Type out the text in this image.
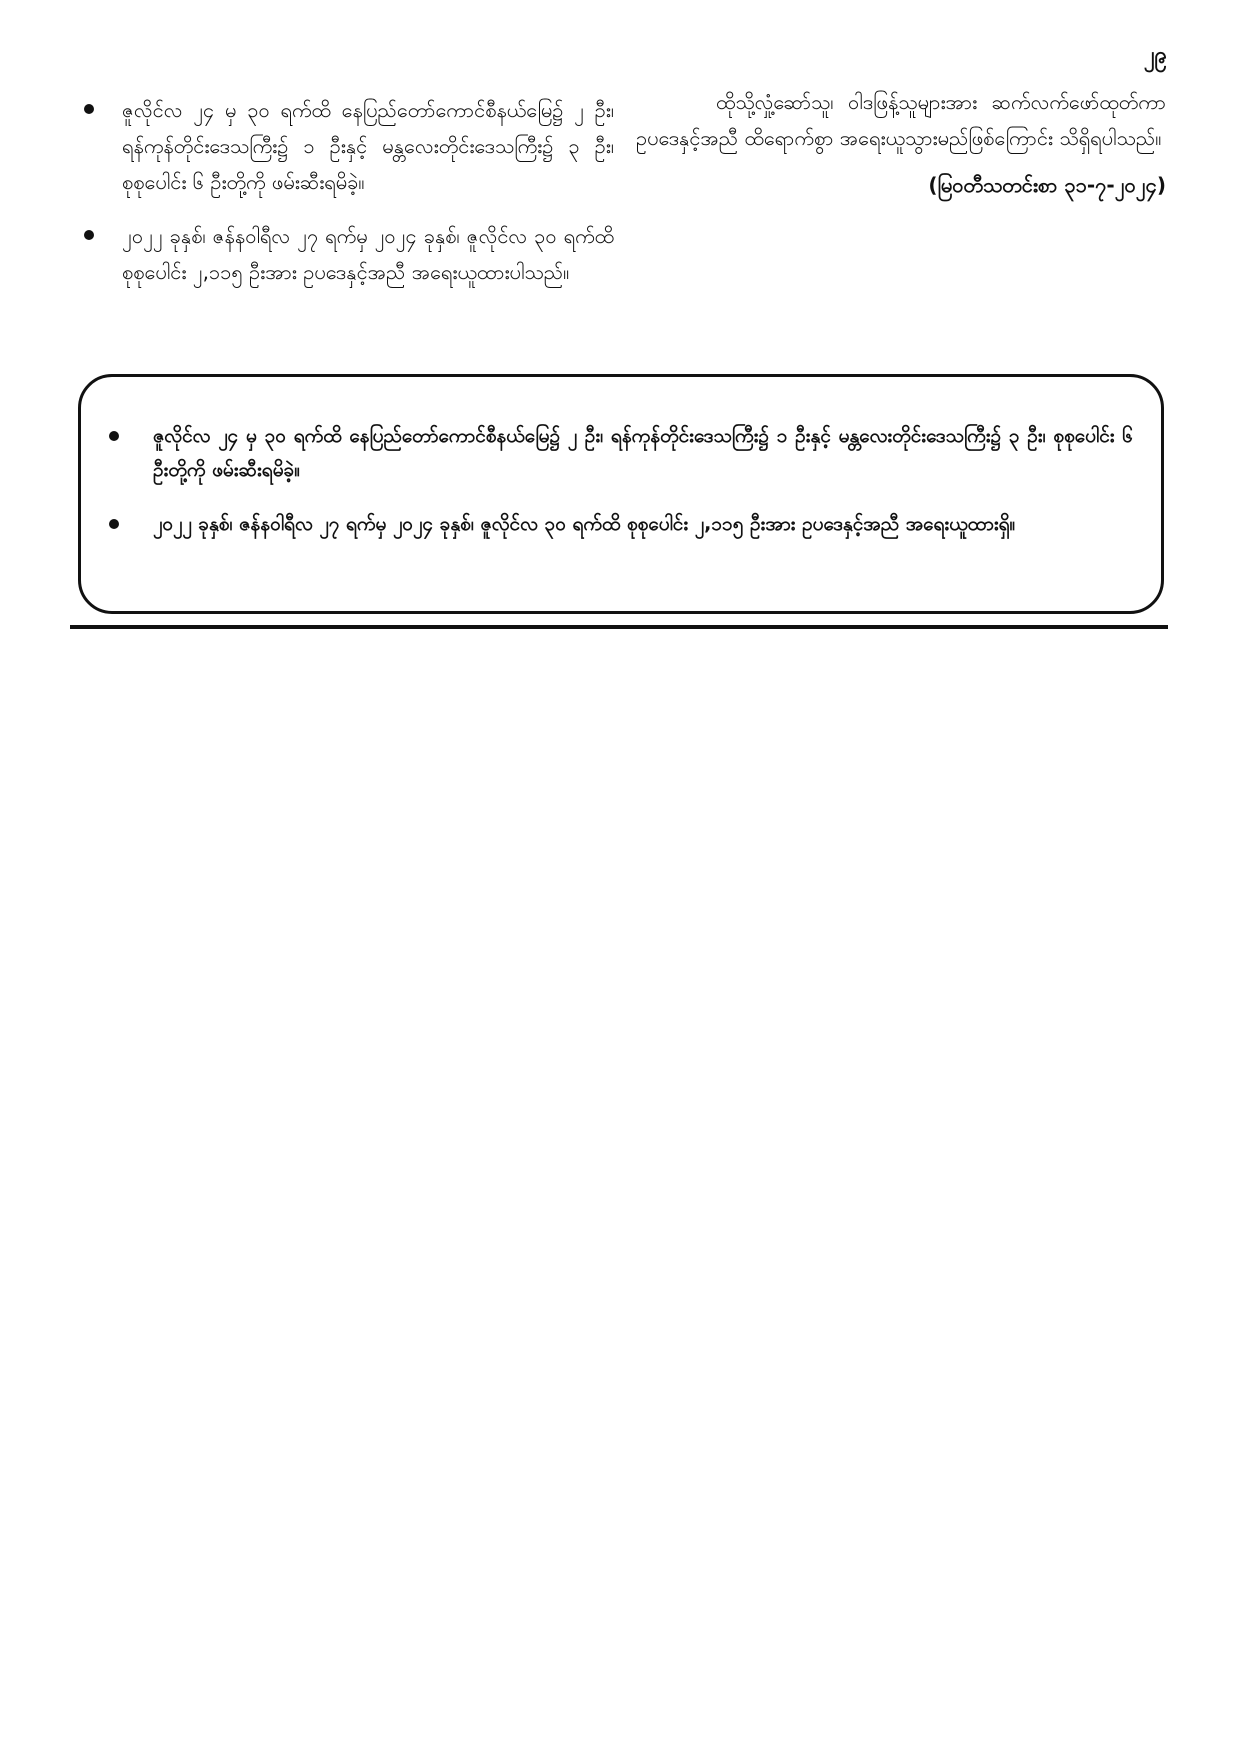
၂၉
ဇူလိုင်လ ၂၄ မှ ၃၀ ရက်ထိ နေပြည်တော်ကောင်စီနယ်မြေ၌ ၂ ဦး၊ ရန်ကုန်တိုင်းဒေသကြီး၌ ၁ ဦးနှင့် မန္တလေးတိုင်းဒေသကြီး၌ ၃ ဦး၊ စုစုပေါင်း ၆ ဦးတို့ကို ဖမ်းဆီးရမိခဲ့။
၂၀၂၂ ခုနှစ်၊ ဇန်နဝါရီလ ၂၇ ရက်မှ ၂၀၂၄ ခုနှစ်၊ ဇူလိုင်လ ၃၀ ရက်ထိ စုစုပေါင်း ၂,၁၁၅ ဦးအား ဥပဒေနှင့်အညီ အရေးယူထားပါသည်။

ထိုသို့လှုံ့ဆော်သူ၊ ဝါဒဖြန့်သူများအား ဆက်လက်ဖော်ထုတ်ကာ ဥပဒေနှင့်အညီ ထိရောက်စွာ အရေးယူသွားမည်ဖြစ်ကြောင်း သိရှိရပါသည်။

(မြဝတီသတင်းစာ ၃၁-၇-၂၀၂၄)
ဇူလိုင်လ ၂၄ မှ ၃၀ ရက်ထိ နေပြည်တော်ကောင်စီနယ်မြေ၌ ၂ ဦး၊ ရန်ကုန်တိုင်းဒေသကြီး၌ ၁ ဦးနှင့် မန္တလေးတိုင်းဒေသကြီး၌ ၃ ဦး၊ စုစုပေါင်း ၆ ဦးတို့ကို ဖမ်းဆီးရမိခဲ့။
၂၀၂၂ ခုနှစ်၊ ဇန်နဝါရီလ ၂၇ ရက်မှ ၂၀၂၄ ခုနှစ်၊ ဇူလိုင်လ ၃၀ ရက်ထိ စုစုပေါင်း ၂,၁၁၅ ဦးအား ဥပဒေနှင့်အညီ အရေးယူထားရှိ။
